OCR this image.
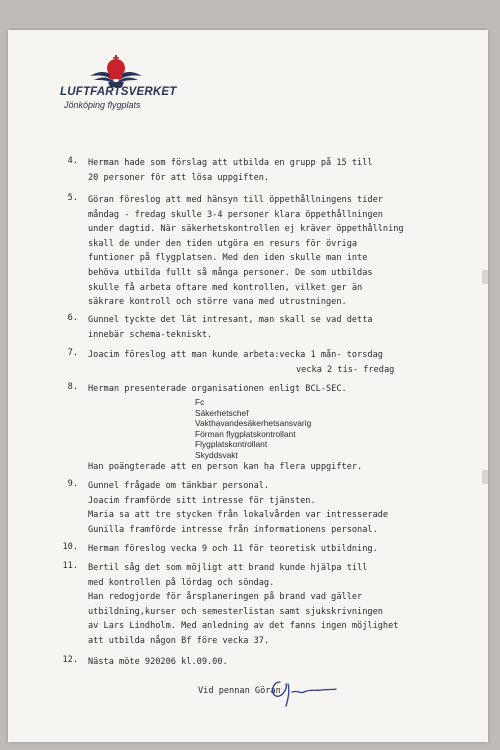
LUFTFARTSVERKET
Jönköping flygplats
4. Herman hade som förslag att utbilda en grupp på 15 till
20 personer för att lösa uppgiften.
5. Göran föreslog att med hänsyn till öppethållningens tider
måndag - fredag skulle 3-4 personer klara öppethållningen
under dagtid. När säkerhetskontrollen ej kräver öppethållning
skall de under den tiden utgöra en resurs för övriga
funtioner på flygplatsen. Med den iden skulle man inte
behöva utbilda fullt så många personer. De som utbildas
skulle få arbeta oftare med kontrollen, vilket ger än
säkrare kontroll och större vana med utrustningen.
6. Gunnel tyckte det lät intresant, man skall se vad detta
innebär schema-tekniskt.
7. Joacim föreslog att man kunde arbeta:vecka 1 mån- torsdag
vecka 2 tis- fredag
8. Herman presenterade organisationen enligt BCL-SEC.
Fc
Säkerhetschef
Vakthavandesäkerhetsansvarig
Förman flygplatskontrollant
Flygplatskontrollant
Skyddsvakt
Han poängterade att en person kan ha flera uppgifter.
9. Gunnel frågade om tänkbar personal.
Joacim framförde sitt intresse för tjänsten.
Maria sa att tre stycken från lokalvården var intresserade
Gunilla framförde intresse från informationens personal.
10. Herman föreslog vecka 9 och 11 för teoretisk utbildning.
11. Bertil såg det som möjligt att brand kunde hjälpa till
med kontrollen på lördag och söndag.
Han redogjorde för årsplaneringen på brand vad gäller
utbildning,kurser och semesterlistan samt sjukskrivningen
av Lars Lindholm. Med anledning av det fanns ingen möjlighet
att utbilda någon Bf före vecka 37.
12. Nästa möte 920206 kl.09.00.
Vid pennan Göran
